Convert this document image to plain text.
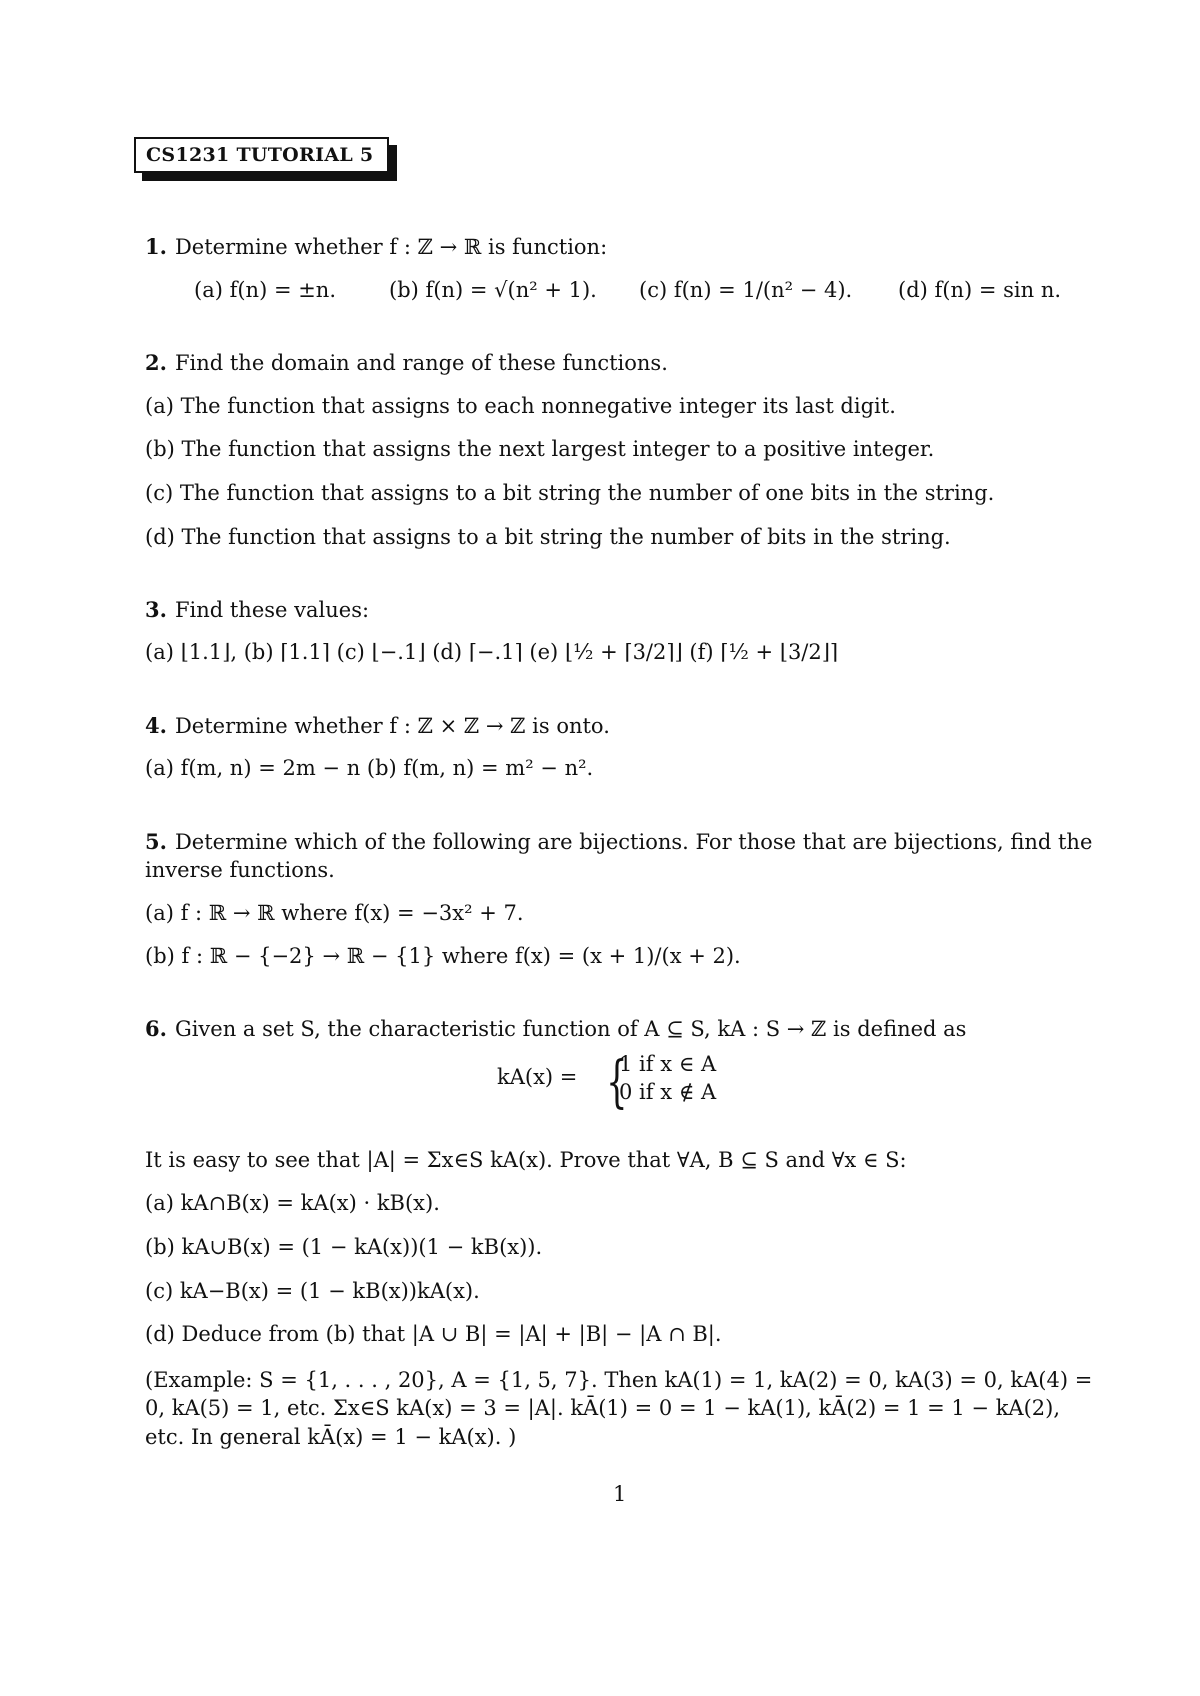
CS1231 TUTORIAL 5
1. Determine whether f : ℤ → ℝ is function:
(a) f(n) = ±n.	(b) f(n) = √(n² + 1). (c) f(n) = 1/(n² − 4). (d) f(n) = sin n.
2. Find the domain and range of these functions.
(a) The function that assigns to each nonnegative integer its last digit.
(b) The function that assigns the next largest integer to a positive integer.
(c) The function that assigns to a bit string the number of one bits in the string.
(d) The function that assigns to a bit string the number of bits in the string.
3. Find these values:
(a) ⌊1.1⌋, (b) ⌈1.1⌉ (c) ⌊−.1⌋ (d) ⌈−.1⌉ (e) ⌊½ + ⌈3/2⌉⌋ (f) ⌈½ + ⌊3/2⌋⌉
4. Determine whether f : ℤ × ℤ → ℤ is onto.
(a) f(m, n) = 2m − n (b) f(m, n) = m² − n².
5. Determine which of the following are bijections. For those that are bijections, find the inverse functions.
(a) f : ℝ → ℝ where f(x) = −3x² + 7.
(b) f : ℝ − {−2} → ℝ − {1} where f(x) = (x + 1)/(x + 2).
6. Given a set S, the characteristic function of A ⊆ S, kA : S → ℤ is defined as
kA(x) = {
1 if x ∈ A
0 if x ∉ A
It is easy to see that |A| = Σx∈S kA(x). Prove that ∀A, B ⊆ S and ∀x ∈ S:
(a) kA∩B(x) = kA(x) · kB(x).
(b) kA∪B(x) = (1 − kA(x))(1 − kB(x)).
(c) kA−B(x) = (1 − kB(x))kA(x).
(d) Deduce from (b) that |A ∪ B| = |A| + |B| − |A ∩ B|.
(Example: S = {1, . . . , 20}, A = {1, 5, 7}. Then kA(1) = 1, kA(2) = 0, kA(3) = 0, kA(4) = 0, kA(5) = 1, etc. Σx∈S kA(x) = 3 = |A|. kĀ(1) = 0 = 1 − kA(1), kĀ(2) = 1 = 1 − kA(2), etc. In general kĀ(x) = 1 − kA(x). )
1
